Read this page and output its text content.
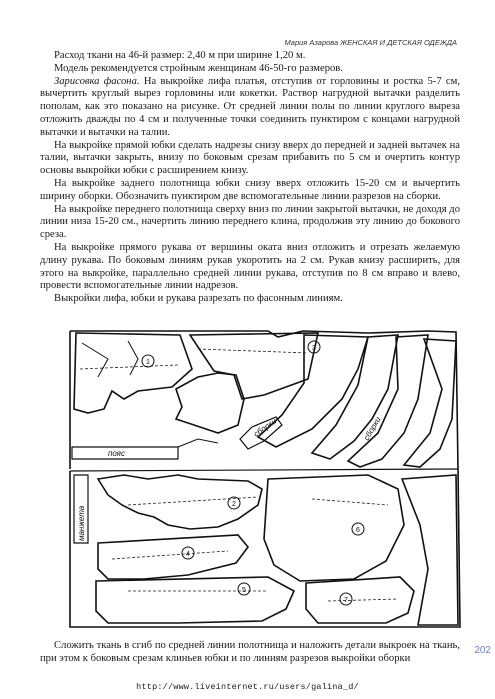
Мария Азарова ЖЕНСКАЯ И ДЕТСКАЯ ОДЕЖДА

Расход ткани на 46-й размер: 2,40 м при ширине 1,20 м.

Модель рекомендуется стройным женщинам 46-50-го размеров.

Зарисовка фасона. На выкройке лифа платья, отступив от горловины и ростка 5-7 см, вычертить круглый вырез горловины или кокетки. Раствор нагрудной вытачки разделить пополам, как это показано на рисунке. От средней линии полы по линии круглого выреза отложить дважды по 4 см и полученные точки соединить пунктиром с концами нагрудной вытачки и вытачки на талии.

На выкройке прямой юбки сделать надрезы снизу вверх до передней и задней вытачек на талии, вытачки закрыть, внизу по боковым срезам прибавить по 5 см и очертить контур основы выкройки юбки с расширением книзу.

На выкройке заднего полотнища юбки снизу вверх отложить 15-20 см и вычертить ширину оборки. Обозначить пунктиром две вспомогательные линии разрезов на сборки.

На выкройке переднего полотнища сверху вниз по линии закрытой вытачки, не доходя до линии низа 15-20 см., начертить линию переднего клина, продолжив эту линию до бокового среза.

На выкройке прямого рукава от вершины оката вниз отложить и отрезать желаемую длину рукава. По боковым линиям рукав укоротить на 2 см. Рукав книзу расширить, для этого на выкройке, параллельно средней линии рукава, отступив по 8 см вправо и влево, провести вспомогательные линии надрезов.

Выкройки лифа, юбки и рукава разрезать по фасонным линиям.

1
2
3
4
5
6
7
пояс
манжета
сборки	сборки

Сложить ткань в сгиб по средней линии полотнища и наложить детали выкроек на ткань, при этом к боковым срезам клиньев юбки и по линиям разрезов выкройки оборки

202
http://www.liveinternet.ru/users/galina_d/
